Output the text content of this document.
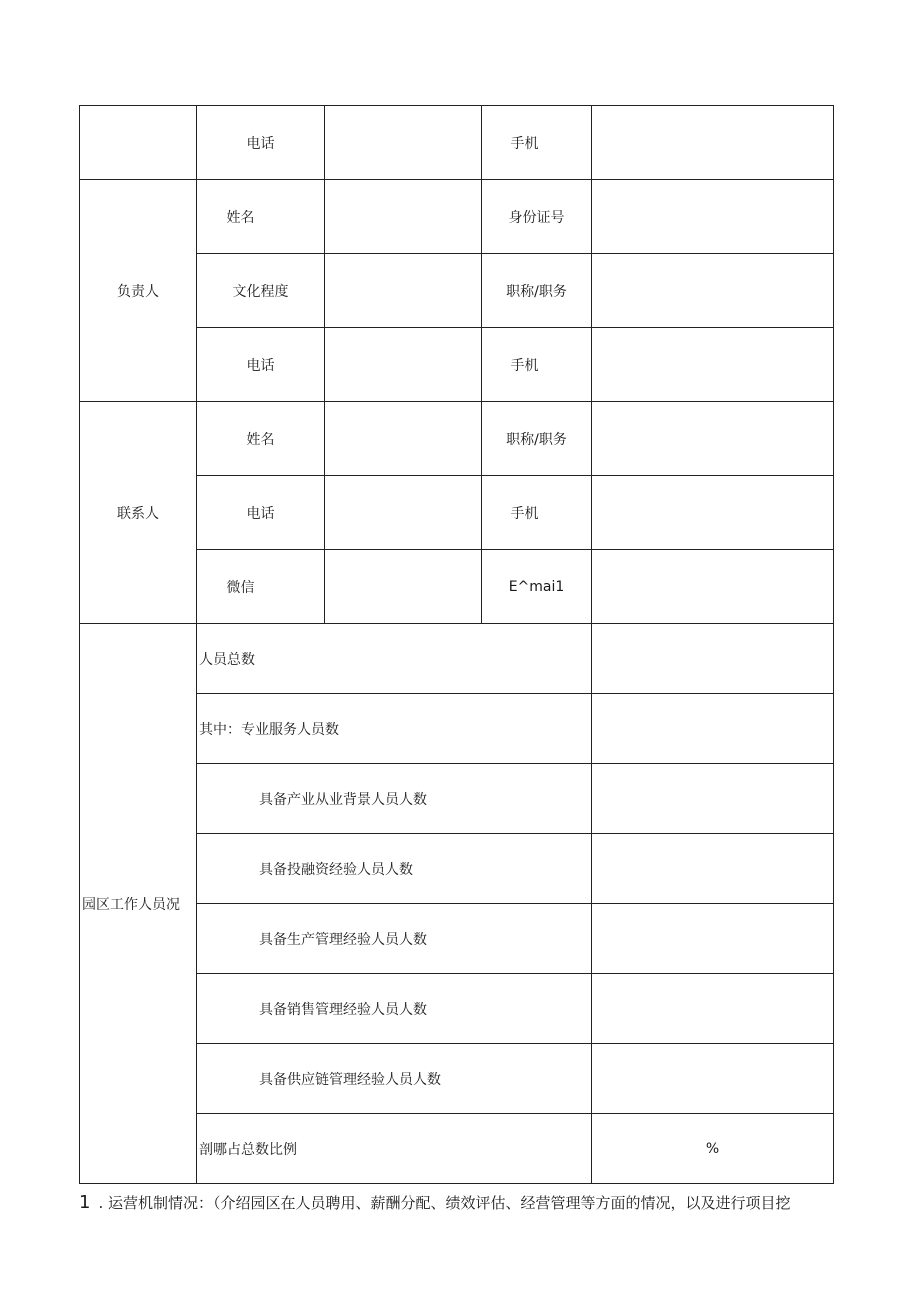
	电话		手机	
负责人	姓名		身份证号	
	文化程度		职称/职务	
	电话		手机	
联系人	姓名		职称/职务	
	电话		手机	
	微信		E^mai1	
园区工作人员况	人员总数			
	其中：专业服务人员数			
	具备产业从业背景人员人数			
	具备投融资经验人员人数			
	具备生产管理经验人员人数			
	具备销售管理经验人员人数			
	具备供应链管理经验人员人数			
	剖哪占总数比例			%
1 . 运营机制情况：（介绍园区在人员聘用、薪酬分配、绩效评估、经营管理等方面的情况，以及进行项目挖
